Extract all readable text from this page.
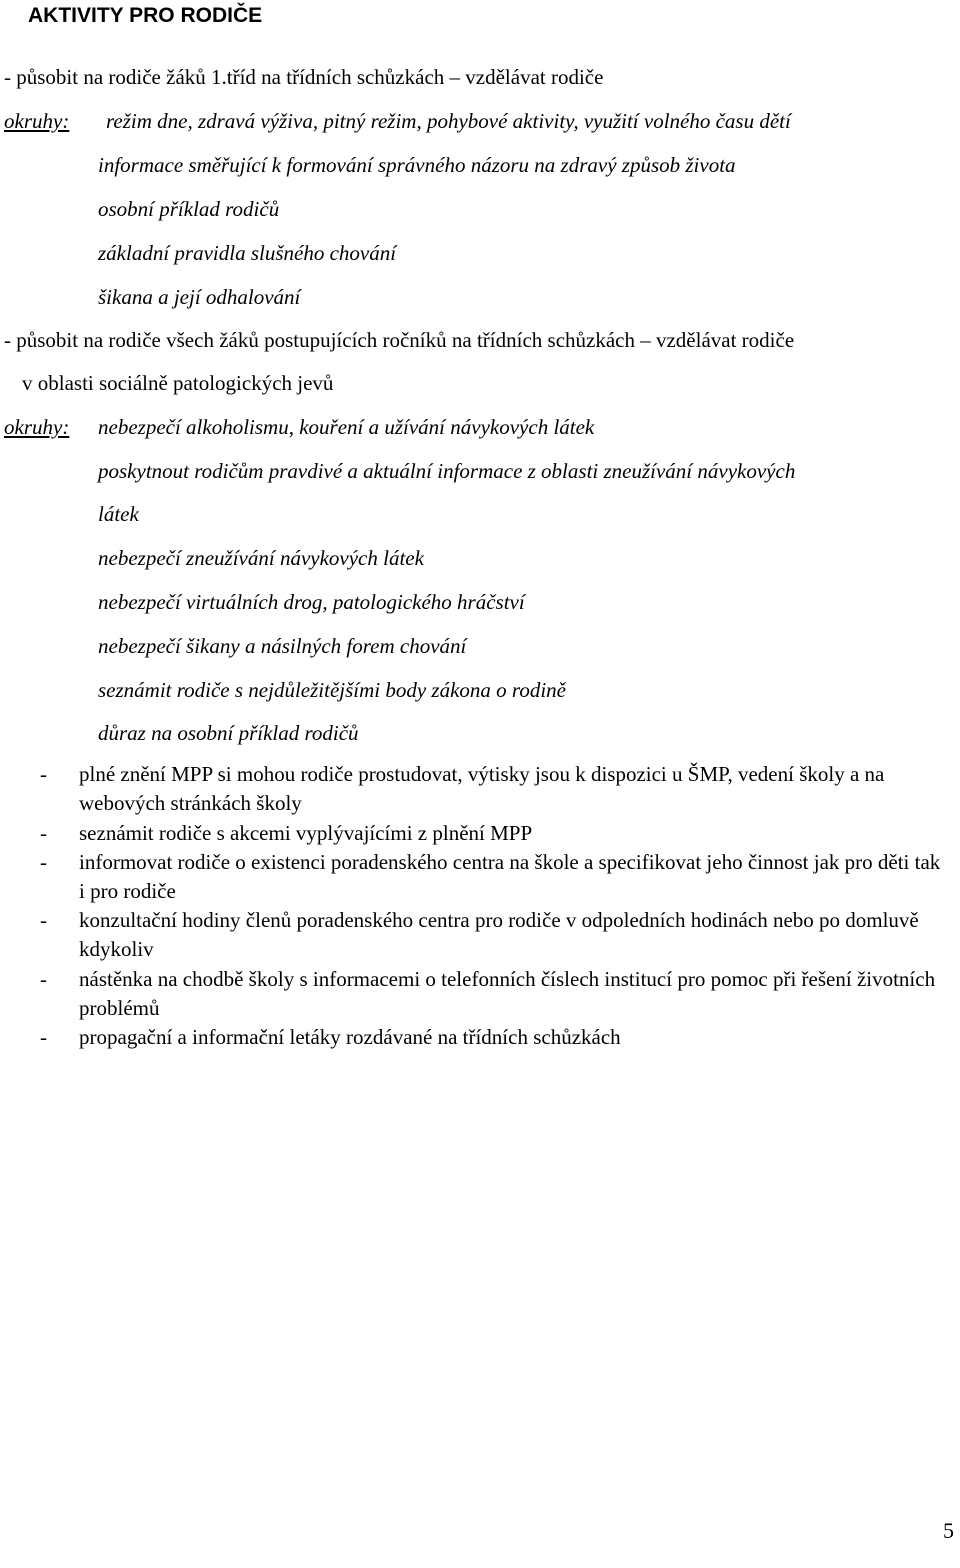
AKTIVITY PRO RODIČE
- působit na rodiče žáků 1.tříd na třídních schůzkách – vzdělávat rodiče
okruhy: režim dne, zdravá výživa, pitný režim, pohybové aktivity, využití volného času dětí
informace směřující k formování správného názoru na zdravý způsob života
osobní příklad rodičů
základní pravidla slušného chování
šikana a její odhalování
- působit na rodiče všech žáků postupujících ročníků na třídních schůzkách – vzdělávat rodiče
v oblasti sociálně patologických jevů
okruhy: nebezpečí alkoholismu, kouření a užívání návykových látek
poskytnout rodičům pravdivé a aktuální informace z oblasti zneužívání návykových
látek
nebezpečí zneužívání návykových látek
nebezpečí virtuálních drog, patologického hráčství
nebezpečí šikany a násilných forem chování
seznámit rodiče s nejdůležitějšími body zákona o rodině
důraz na osobní příklad rodičů
- plné znění MPP si mohou rodiče prostudovat, výtisky jsou k dispozici u ŠMP, vedení školy a na webových stránkách školy
- seznámit rodiče s akcemi vyplývajícími z plnění MPP
- informovat rodiče o existenci poradenského centra na škole a specifikovat jeho činnost jak pro děti tak i pro rodiče
- konzultační hodiny členů poradenského centra pro rodiče v odpoledních hodinách nebo po domluvě kdykoliv
- nástěnka na chodbě školy s informacemi o telefonních číslech institucí pro pomoc při řešení životních problémů
- propagační a informační letáky rozdávané na třídních schůzkách
5
